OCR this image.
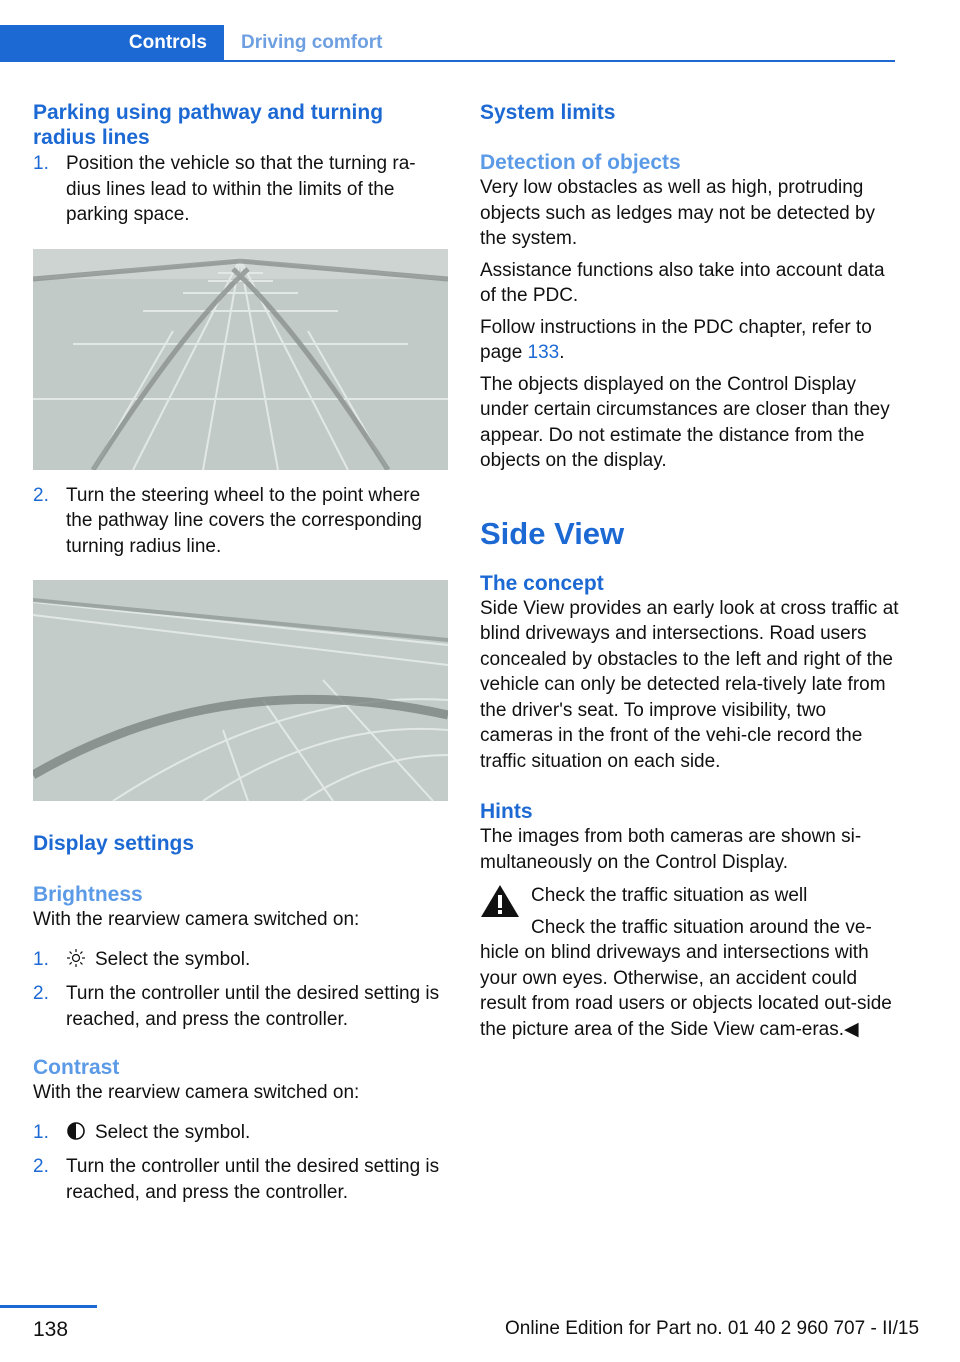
Controls Driving comfort
Parking using pathway and turning radius lines
1. Position the vehicle so that the turning ra‐dius lines lead to within the limits of the parking space.

2. Turn the steering wheel to the point where the pathway line covers the corresponding turning radius line.

Display settings
Brightness

With the rearview camera switched on:

1.	Select the symbol.

2. Turn the controller until the desired setting is reached, and press the controller.

Contrast

With the rearview camera switched on:

1.	Select the symbol.

2. Turn the controller until the desired setting is reached, and press the controller.

System limits
Detection of objects

Very low obstacles as well as high, protruding objects such as ledges may not be detected by the system.

Assistance functions also take into account data of the PDC.

Follow instructions in the PDC chapter, refer to page 133.

The objects displayed on the Control Display under certain circumstances are closer than they appear. Do not estimate the distance from the objects on the display.

Side View
The concept

Side View provides an early look at cross traffic at blind driveways and intersections. Road users concealed by obstacles to the left and right of the vehicle can only be detected rela‐tively late from the driver's seat. To improve visibility, two cameras in the front of the vehi‐cle record the traffic situation on each side.

Hints

The images from both cameras are shown si‐multaneously on the Control Display.

Check the traffic situation as well

Check the traffic situation around the ve‐hicle on blind driveways and intersections with your own eyes. Otherwise, an accident could result from road users or objects located out‐side the picture area of the Side View cam‐eras.◀

138	Online Edition for Part no. 01 40 2 960 707 - II/15
